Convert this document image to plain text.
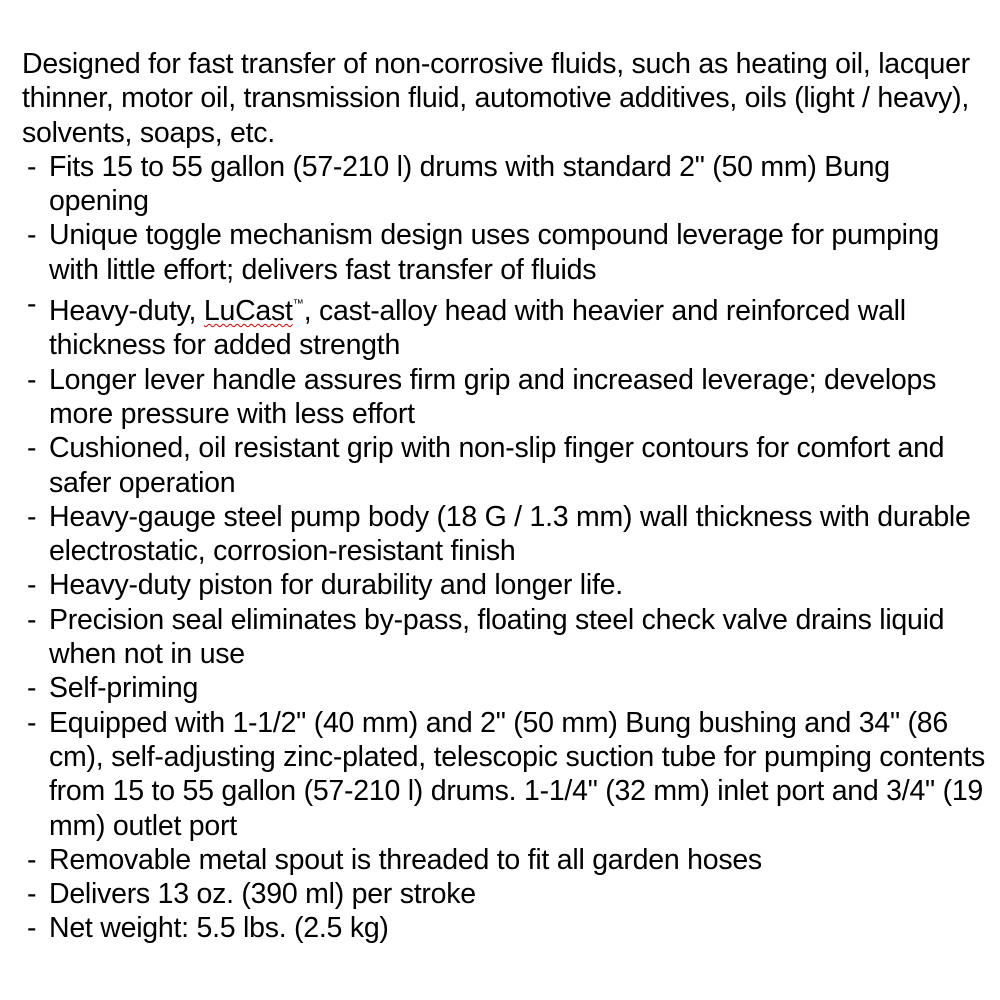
Designed for fast transfer of non-corrosive fluids, such as heating oil, lacquer thinner, motor oil, transmission fluid, automotive additives, oils (light / heavy), solvents, soaps, etc.

- Fits 15 to 55 gallon (57-210 l) drums with standard 2" (50 mm) Bung opening
- Unique toggle mechanism design uses compound leverage for pumping with little effort; delivers fast transfer of fluids
- Heavy-duty, LuCast™, cast-alloy head with heavier and reinforced wall thickness for added strength
- Longer lever handle assures firm grip and increased leverage; develops more pressure with less effort
- Cushioned, oil resistant grip with non-slip finger contours for comfort and safer operation
- Heavy-gauge steel pump body (18 G / 1.3 mm) wall thickness with durable electrostatic, corrosion-resistant finish
- Heavy-duty piston for durability and longer life.
- Precision seal eliminates by-pass, floating steel check valve drains liquid when not in use
- Self-priming
- Equipped with 1-1/2" (40 mm) and 2" (50 mm) Bung bushing and 34" (86 cm), self-adjusting zinc-plated, telescopic suction tube for pumping contents from 15 to 55 gallon (57-210 l) drums. 1-1/4" (32 mm) inlet port and 3/4" (19 mm) outlet port
- Removable metal spout is threaded to fit all garden hoses
- Delivers 13 oz. (390 ml) per stroke
- Net weight: 5.5 lbs. (2.5 kg)
